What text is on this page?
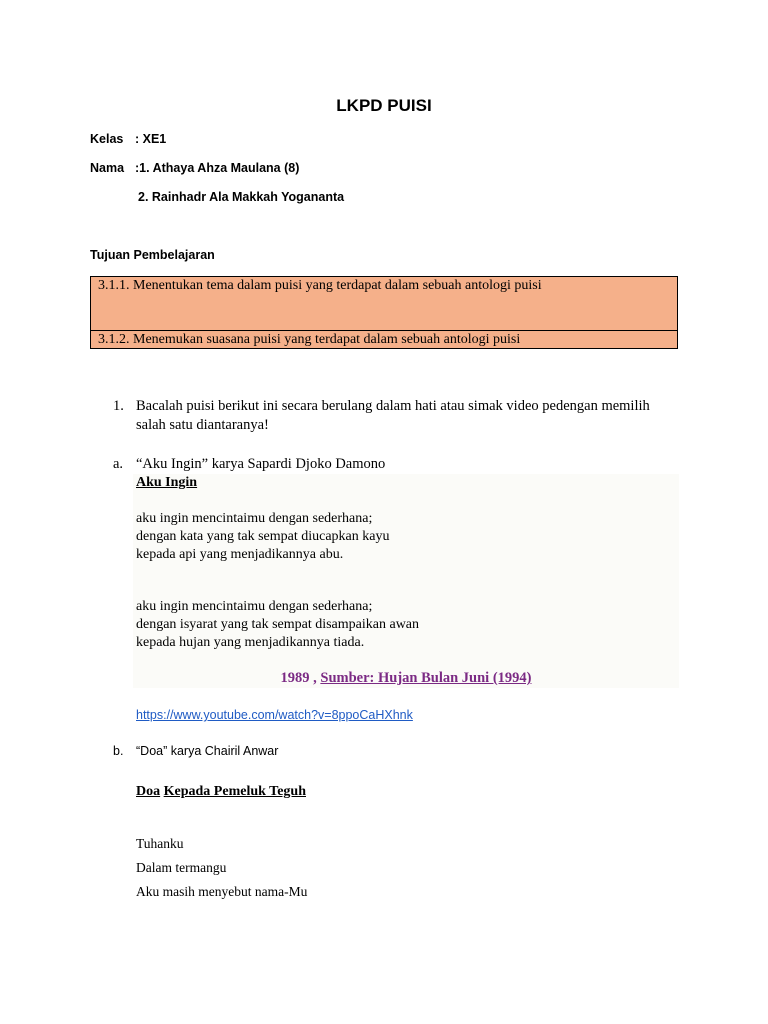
LKPD PUISI
Kelas : XE1
Nama :1. Athaya Ahza Maulana (8)
2. Rainhadr Ala Makkah Yogananta
Tujuan Pembelajaran
3.1.1. Menentukan tema dalam puisi yang terdapat dalam sebuah antologi puisi
3.1.2. Menemukan suasana puisi yang terdapat dalam sebuah antologi puisi
1. Bacalah puisi berikut ini secara berulang dalam hati atau simak video pedengan memilih
salah satu diantaranya!
a. “Aku Ingin” karya Sapardi Djoko Damono
Aku Ingin
aku ingin mencintaimu dengan sederhana;
dengan kata yang tak sempat diucapkan kayu
kepada api yang menjadikannya abu.
aku ingin mencintaimu dengan sederhana;
dengan isyarat yang tak sempat disampaikan awan
kepada hujan yang menjadikannya tiada.
1989 , Sumber: Hujan Bulan Juni (1994)
https://www.youtube.com/watch?v=8ppoCaHXhnk
b. “Doa” karya Chairil Anwar
Doa Kepada Pemeluk Teguh
Tuhanku
Dalam termangu
Aku masih menyebut nama-Mu
